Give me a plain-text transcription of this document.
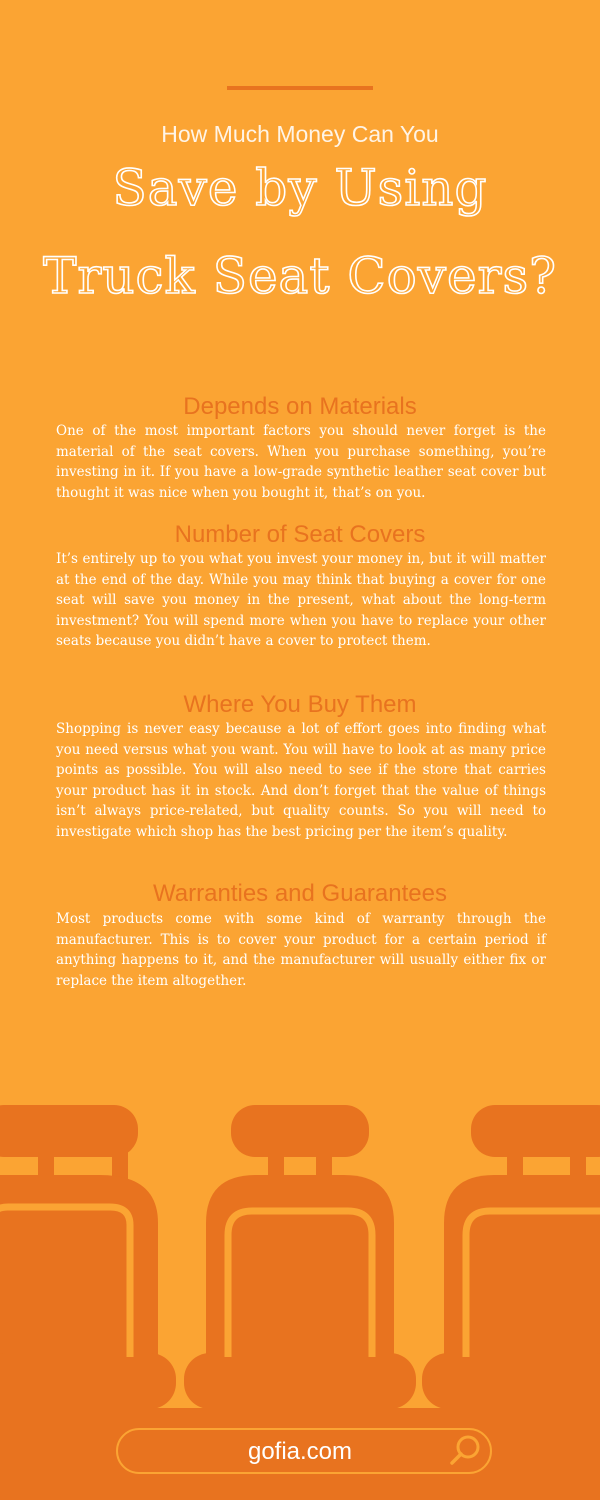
How Much Money Can You
Save by Using
Truck Seat Covers?
Depends on Materials

One of the most important factors you should never forget is the material of the seat covers. When you purchase something, you’re investing in it. If you have a low-grade synthetic leather seat cover but thought it was nice when you bought it, that’s on you.

Number of Seat Covers

It’s entirely up to you what you invest your money in, but it will matter at the end of the day. While you may think that buying a cover for one seat will save you money in the present, what about the long-term investment? You will spend more when you have to replace your other seats because you didn’t have a cover to protect them.

Where You Buy Them

Shopping is never easy because a lot of effort goes into finding what you need versus what you want. You will have to look at as many price points as possible. You will also need to see if the store that carries your product has it in stock. And don’t forget that the value of things isn’t always price-related, but quality counts. So you will need to investigate which shop has the best pricing per the item’s quality.

Warranties and Guarantees

Most products come with some kind of warranty through the manufacturer. This is to cover your product for a certain period if anything happens to it, and the manufacturer will usually either fix or replace the item altogether.

gofia.com
